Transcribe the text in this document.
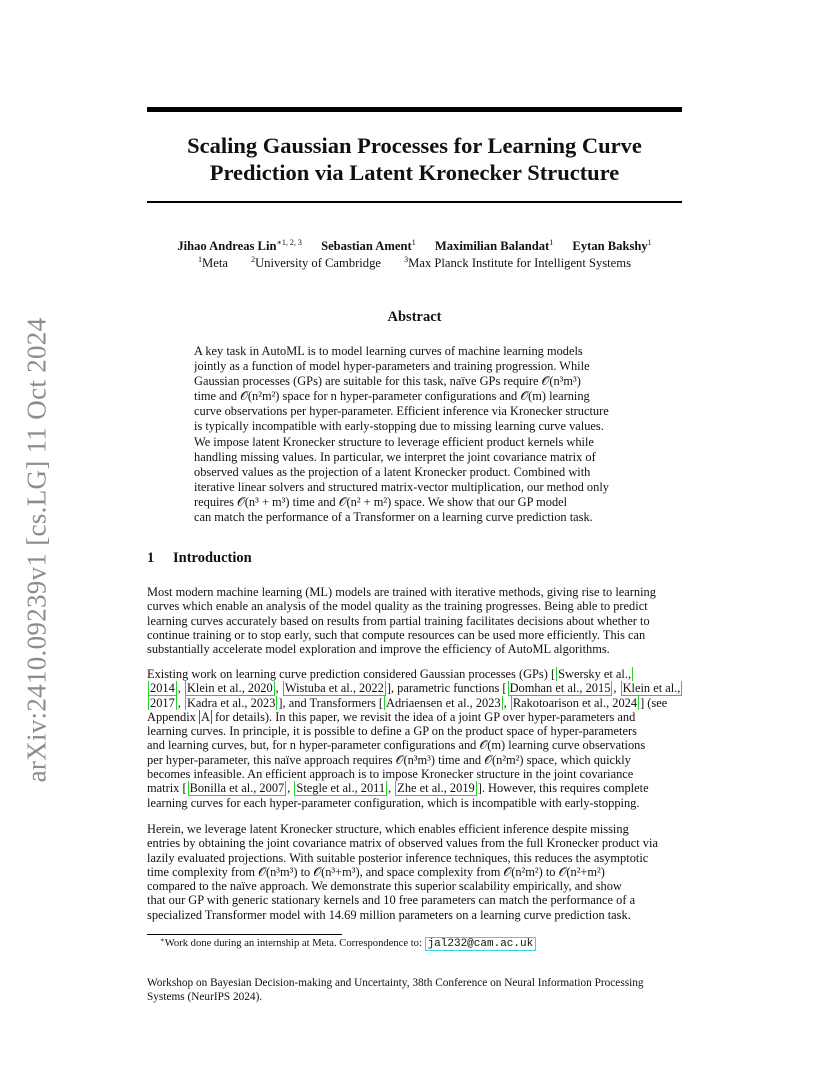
arXiv:2410.09239v1 [cs.LG] 11 Oct 2024
Scaling Gaussian Processes for Learning Curve
Prediction via Latent Kronecker Structure
Jihao Andreas Lin$^{∗1, 2, 3}$ Sebastian Ament$^1$ Maximilian Balandat$^1$ Eytan Bakshy$^1$
$^1$Meta	$^2$University of Cambridge	$^3$Max Planck Institute for Intelligent Systems
Abstract
A key task in AutoML is to model learning curves of machine learning models
jointly as a function of model hyper-parameters and training progression. While
Gaussian processes (GPs) are suitable for this task, naïve GPs require 𝒪(n³m³)
time and 𝒪(n²m²) space for n hyper-parameter configurations and 𝒪(m) learning
curve observations per hyper-parameter. Efficient inference via Kronecker structure
is typically incompatible with early-stopping due to missing learning curve values.
We impose latent Kronecker structure to leverage efficient product kernels while
handling missing values. In particular, we interpret the joint covariance matrix of
observed values as the projection of a latent Kronecker product. Combined with
iterative linear solvers and structured matrix-vector multiplication, our method only
requires 𝒪(n³ + m³) time and 𝒪(n² + m²) space. We show that our GP model
can match the performance of a Transformer on a learning curve prediction task.
1 Introduction
Most modern machine learning (ML) models are trained with iterative methods, giving rise to learning
curves which enable an analysis of the model quality as the training progresses. Being able to predict
learning curves accurately based on results from partial training facilitates decisions about whether to
continue training or to stop early, such that compute resources can be used more efficiently. This can
substantially accelerate model exploration and improve the efficiency of AutoML algorithms.
Existing work on learning curve prediction considered Gaussian processes (GPs) [ Swersky et al.,
2014 , Klein et al., 2020 , Wistuba et al., 2022 ], parametric functions [ Domhan et al., 2015 , Klein et al.,
2017 , Kadra et al., 2023 ], and Transformers [ Adriaensen et al., 2023 , Rakotoarison et al., 2024 ] (see
Appendix A for details). In this paper, we revisit the idea of a joint GP over hyper-parameters and
learning curves. In principle, it is possible to define a GP on the product space of hyper-parameters
and learning curves, but, for n hyper-parameter configurations and 𝒪(m) learning curve observations
per hyper-parameter, this naïve approach requires 𝒪(n³m³) time and 𝒪(n²m²) space, which quickly
becomes infeasible. An efficient approach is to impose Kronecker structure in the joint covariance
matrix [ Bonilla et al., 2007 , Stegle et al., 2011 , Zhe et al., 2019 ]. However, this requires complete
learning curves for each hyper-parameter configuration, which is incompatible with early-stopping.
Herein, we leverage latent Kronecker structure, which enables efficient inference despite missing
entries by obtaining the joint covariance matrix of observed values from the full Kronecker product via
lazily evaluated projections. With suitable posterior inference techniques, this reduces the asymptotic
time complexity from 𝒪(n³m³) to 𝒪(n³+m³), and space complexity from 𝒪(n²m²) to 𝒪(n²+m²)
compared to the naïve approach. We demonstrate this superior scalability empirically, and show
that our GP with generic stationary kernels and 10 free parameters can match the performance of a
specialized Transformer model with 14.69 million parameters on a learning curve prediction task.
∗Work done during an internship at Meta. Correspondence to: jal232@cam.ac.uk
Workshop on Bayesian Decision-making and Uncertainty, 38th Conference on Neural Information Processing
Systems (NeurIPS 2024).
